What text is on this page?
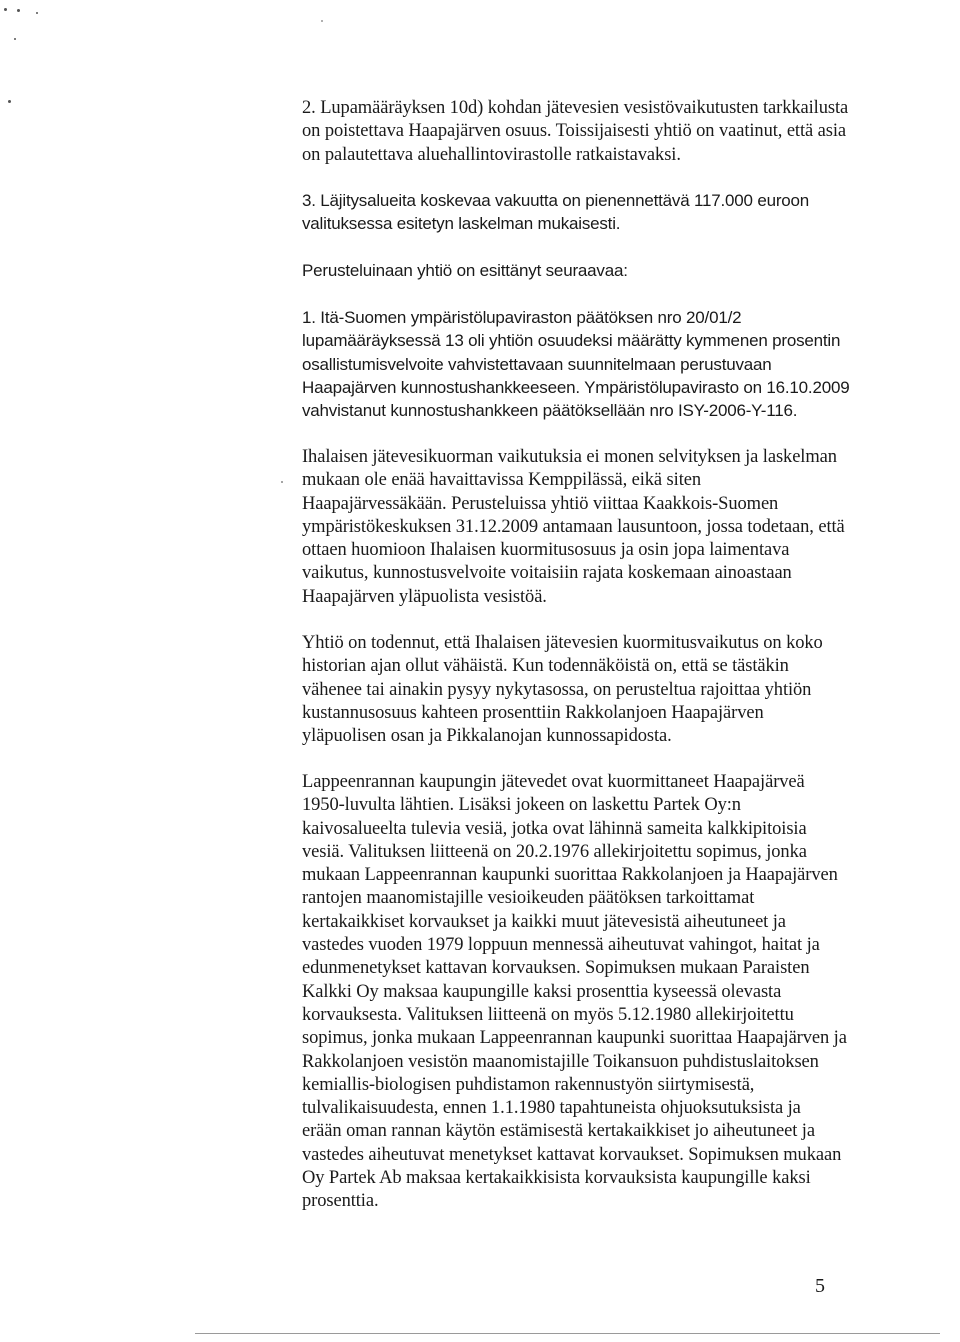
2. Lupamääräyksen 10d) kohdan jätevesien vesistövaikutusten tarkkailusta
on poistettava Haapajärven osuus. Toissijaisesti yhtiö on vaatinut, että asia
on palautettava aluehallintovirastolle ratkaistavaksi.
3. Läjitysalueita koskevaa vakuutta on pienennettävä 117.000 euroon
valituksessa esitetyn laskelman mukaisesti.
Perusteluinaan yhtiö on esittänyt seuraavaa:
1. Itä-Suomen ympäristölupaviraston päätöksen nro 20/01/2
lupamääräyksessä 13 oli yhtiön osuudeksi määrätty kymmenen prosentin
osallistumisvelvoite vahvistettavaan suunnitelmaan perustuvaan
Haapajärven kunnostushankkeeseen. Ympäristölupavirasto on 16.10.2009
vahvistanut kunnostushankkeen päätöksellään nro ISY-2006-Y-116.
Ihalaisen jätevesikuorman vaikutuksia ei monen selvityksen ja laskelman
mukaan ole enää havaittavissa Kemppilässä, eikä siten
Haapajärvessäkään. Perusteluissa yhtiö viittaa Kaakkois-Suomen
ympäristökeskuksen 31.12.2009 antamaan lausuntoon, jossa todetaan, että
ottaen huomioon Ihalaisen kuormitusosuus ja osin jopa laimentava
vaikutus, kunnostusvelvoite voitaisiin rajata koskemaan ainoastaan
Haapajärven yläpuolista vesistöä.
Yhtiö on todennut, että Ihalaisen jätevesien kuormitusvaikutus on koko
historian ajan ollut vähäistä. Kun todennäköistä on, että se tästäkin
vähenee tai ainakin pysyy nykytasossa, on perusteltua rajoittaa yhtiön
kustannusosuus kahteen prosenttiin Rakkolanjoen Haapajärven
yläpuolisen osan ja Pikkalanojan kunnossapidosta.
Lappeenrannan kaupungin jätevedet ovat kuormittaneet Haapajärveä
1950-luvulta lähtien. Lisäksi jokeen on laskettu Partek Oy:n
kaivosalueelta tulevia vesiä, jotka ovat lähinnä sameita kalkkipitoisia
vesiä. Valituksen liitteenä on 20.2.1976 allekirjoitettu sopimus, jonka
mukaan Lappeenrannan kaupunki suorittaa Rakkolanjoen ja Haapajärven
rantojen maanomistajille vesioikeuden päätöksen tarkoittamat
kertakaikkiset korvaukset ja kaikki muut jätevesistä aiheutuneet ja
vastedes vuoden 1979 loppuun mennessä aiheutuvat vahingot, haitat ja
edunmenetykset kattavan korvauksen. Sopimuksen mukaan Paraisten
Kalkki Oy maksaa kaupungille kaksi prosenttia kyseessä olevasta
korvauksesta. Valituksen liitteenä on myös 5.12.1980 allekirjoitettu
sopimus, jonka mukaan Lappeenrannan kaupunki suorittaa Haapajärven ja
Rakkolanjoen vesistön maanomistajille Toikansuon puhdistuslaitoksen
kemiallis-biologisen puhdistamon rakennustyön siirtymisestä,
tulvalikaisuudesta, ennen 1.1.1980 tapahtuneista ohjuoksutuksista ja
erään oman rannan käytön estämisestä kertakaikkiset jo aiheutuneet ja
vastedes aiheutuvat menetykset kattavat korvaukset. Sopimuksen mukaan
Oy Partek Ab maksaa kertakaikkisista korvauksista kaupungille kaksi
prosenttia.
5
